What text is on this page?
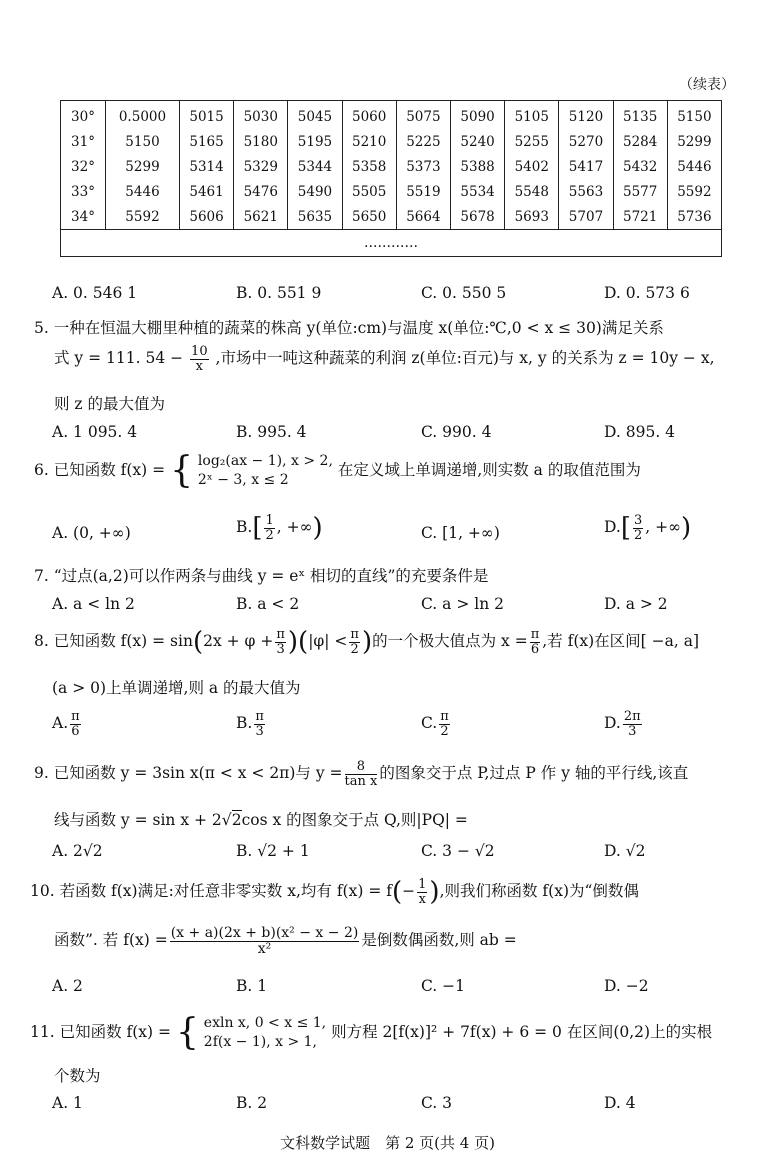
（续表）
30°	0.5000	5015	5030	5045	5060	5075	5090	5105	5120	5135	5150
31°	5150	5165	5180	5195	5210	5225	5240	5255	5270	5284	5299
32°	5299	5314	5329	5344	5358	5373	5388	5402	5417	5432	5446
33°	5446	5461	5476	5490	5505	5519	5534	5548	5563	5577	5592
34°	5592	5606	5621	5635	5650	5664	5678	5693	5707	5721	5736
…………											
A. 0. 546 1	B. 0. 551 9	C. 0. 550 5	D. 0. 573 6
5. 一种在恒温大棚里种植的蔬菜的株高 y(单位:cm)与温度 x(单位:℃,0 < x ≤ 30)满足关系
式 y = 111. $54 - \frac{10}{x}$ ,市场中一吨这种蔬菜的利润 z(单位:百元)与 x, y 的关系为 z = 10y − x,
则 z 的最大值为
A. 1 095. 4	B. 995. 4	C. 990. 4	D. 895. 4
6. 已知函数 f(x) = { log₂(ax − 1), x > 2,
2ˣ − 3, x ≤ 2
在定义域上单调递增,则实数 a 的取值范围为
A. (0, +∞)	$B.[ \frac{1}{2}$ , +∞)	C. [1, +∞)	$D.[ \frac{3}{2}$ , +∞)
7. “过点(a,2)可以作两条与曲线 y = eˣ 相切的直线”的充要条件是
A. a < ln 2	B. a < 2	C. a > ln 2	D. a > 2
8. 已知函数 $f(x) = \sin(2x + \varphi + \frac{\pi}{3} )(|\varphi| < \frac{\pi}{2}$ )的一个极大值点为 $x = \frac{\pi}{6}$ ,若 f(x)在区间[ −a, a]
(a > 0)上单调递增,则 a 的最大值为
A. $\frac{\pi}{6}$	B. $\frac{\pi}{3}$	C. $\frac{\pi}{2}$	D. $\frac{2\pi}{3}$
9. 已知函数 y = 3sin x(π < x < 2π)与 $y = \frac{8}{\text{tan x}}$ 的图象交于点 P,过点 P 作 y 轴的平行线,该直
线与函数 y = sin x + 2√2cos x 的图象交于点 Q,则|PQ| =
A. 2√2	B. √2 + 1	C. 3 − √2	D. √2
10. 若函数 f(x)满足:对任意非零实数 x,均有 $f(x) = f(- \frac{1}{x}$ ),则我们称函数 f(x)为“倒数偶
函数”. 若 $f(x) = \frac{\text{(x + a)(2x + b)(x² − x − 2)}}{\text{x²}}$ 是倒数偶函数,则 ab =
A. 2	B. 1	C. −1	D. −2
11. 已知函数 f(x) = { exln x, 0 < x ≤ 1,
2f(x − 1), x > 1,
则方程 2[f(x)]² + 7f(x) + 6 = 0 在区间(0,2)上的实根
个数为
A. 1	B. 2	C. 3	D. 4
文科数学试题　第 2 页(共 4 页)
